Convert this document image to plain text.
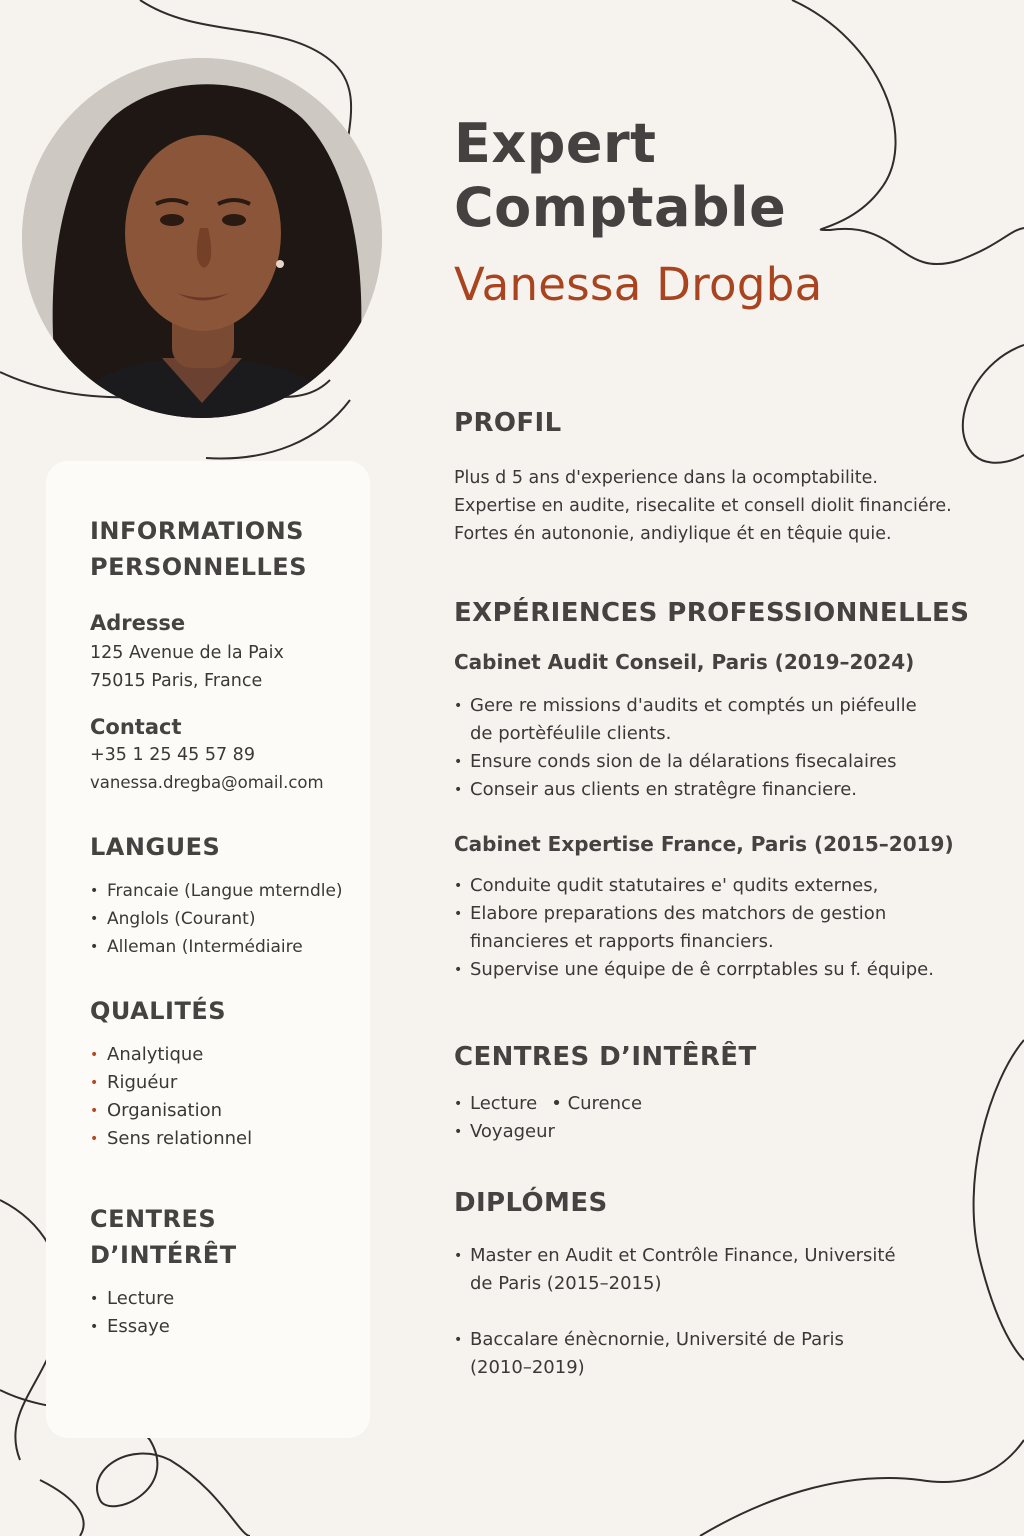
Expert
Comptable
Vanessa Drogba
INFORMATIONS
PERSONNELLES

Adresse

125 Avenue de la Paix
75015 Paris, France

Contact

+35 1 25 45 57 89
vanessa.dregba@omail.com
LANGUES
• Francaie (Langue mterndle)
• Anglols (Courant)
• Alleman (Intermédiaire
QUALITÉS
• Analytique
• Riguéur
• Organisation
• Sens relationnel
CENTRES D’INTÉRÊT
• Lecture
• Essaye
PROFIL
Plus d 5 ans d'experience dans la ocomptabilite.
Expertise en audite, risecalite et consell diolit financiére.
Fortes én autononie, andiylique ét en têquie quie.
EXPÉRIENCES PROFESSIONNELLES

Cabinet Audit Conseil, Paris (2019–2024)

• Gere re missions d'audits et comptés un piéfeulle
de portèféulile clients.
• Ensure conds sion de la délarations fisecalaires
• Conseir aus clients en stratêgre financiere.

Cabinet Expertise France, Paris (2015–2019)

• Conduite qudit statutaires e' qudits externes,
• Elabore preparations des matchors de gestion
financieres et rapports financiers.
• Supervise une équipe de ê corrptables su f. équipe.
CENTRES D’INTÊRÊT
• Lecture • Curence
• Voyageur
DIPLÓMES
• Master en Audit et Contrôle Finance, Université
de Paris (2015–2015)
• Baccalare énècnornie, Université de Paris
(2010–2019)
